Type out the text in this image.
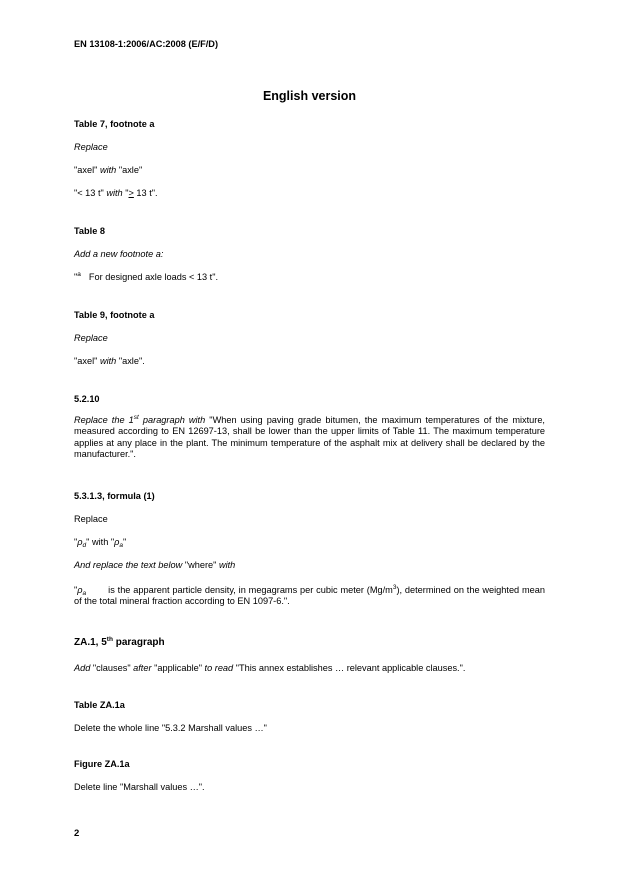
EN 13108-1:2006/AC:2008 (E/F/D)
English version
Table 7, footnote a
Replace
"axel" with "axle"
"< 13 t" with "> 13 t".
Table 8
Add a new footnote a:
"$^a$ For designed axle loads < 13 t".
Table 9, footnote a
Replace
"axel" with "axle".
5.2.10
Replace the 1st paragraph with "When using paving grade bitumen, the maximum temperatures of the mixture, measured according to EN 12697-13, shall be lower than the upper limits of Table 11. The maximum temperature applies at any place in the plant. The minimum temperature of the asphalt mix at delivery shall be declared by the manufacturer.".
5.3.1.3, formula (1)
Replace
"$\rho_d$" with "$\rho_a$"
And replace the text below "where" with
"$\rho_a$ is the apparent particle density, in megagrams per cubic meter $(Mg/m^3)$, determined on the weighted mean of the total mineral fraction according to EN 1097-6.".
ZA.1, 5th paragraph
Add "clauses" after "applicable" to read "This annex establishes … relevant applicable clauses.".
Table ZA.1a
Delete the whole line "5.3.2 Marshall values …"
Figure ZA.1a
Delete line "Marshall values …".
2
